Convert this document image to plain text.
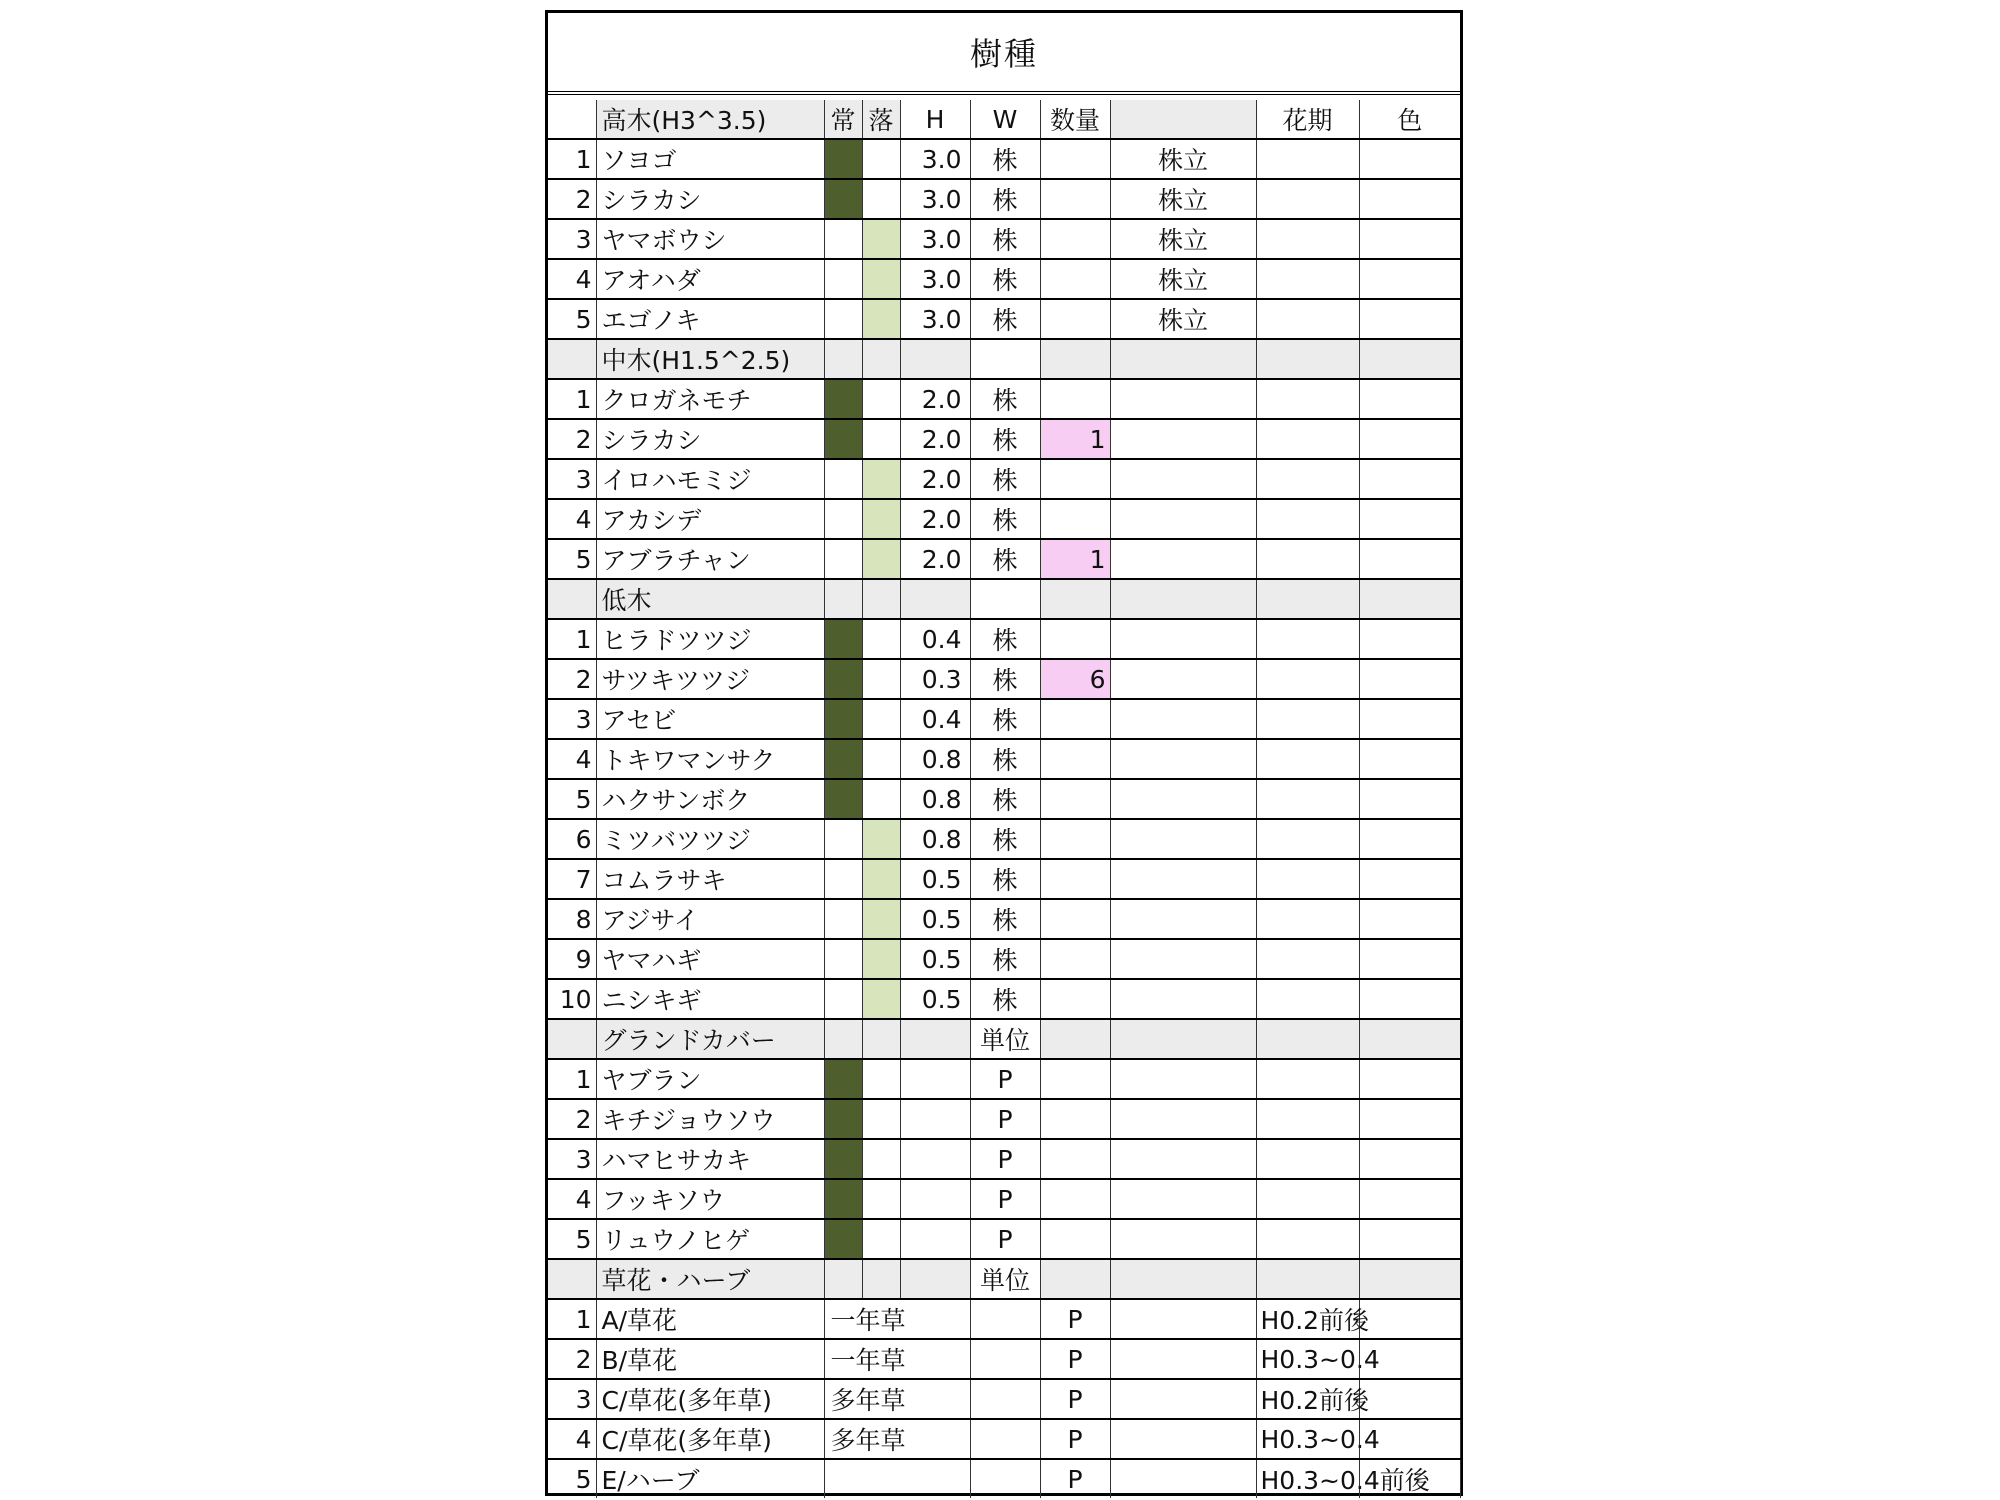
樹種
	高木(H3^3.5)	常	落	H	W	数量		花期	色	
1	ソヨゴ			3.0	株		株立			
2	シラカシ			3.0	株		株立			
3	ヤマボウシ			3.0	株		株立			
4	アオハダ			3.0	株		株立			
5	エゴノキ			3.0	株		株立			
	中木(H1.5^2.5)									
1	クロガネモチ			2.0	株					
2	シラカシ			2.0	株	1				
3	イロハモミジ			2.0	株					
4	アカシデ			2.0	株					
5	アブラチャン			2.0	株	1				
	低木									
1	ヒラドツツジ			0.4	株					
2	サツキツツジ			0.3	株	6				
3	アセビ			0.4	株					
4	トキワマンサク			0.8	株					
5	ハクサンボク			0.8	株					
6	ミツバツツジ			0.8	株					
7	コムラサキ			0.5	株					
8	アジサイ			0.5	株					
9	ヤマハギ			0.5	株					
10	ニシキギ			0.5	株					
	グランドカバー				単位					
1	ヤブラン				P					
2	キチジョウソウ				P					
3	ハマヒサカキ				P					
4	フッキソウ				P					
5	リュウノヒゲ				P					
	草花・ハーブ				単位					
1	A/草花	一年草				P		H0.2前後		
2	B/草花	一年草				P		H0.3~0.4		
3	C/草花(多年草)	多年草				P		H0.2前後		
4	C/草花(多年草)	多年草				P		H0.3~0.4		
5	E/ハーブ					P		H0.3~0.4前後		
